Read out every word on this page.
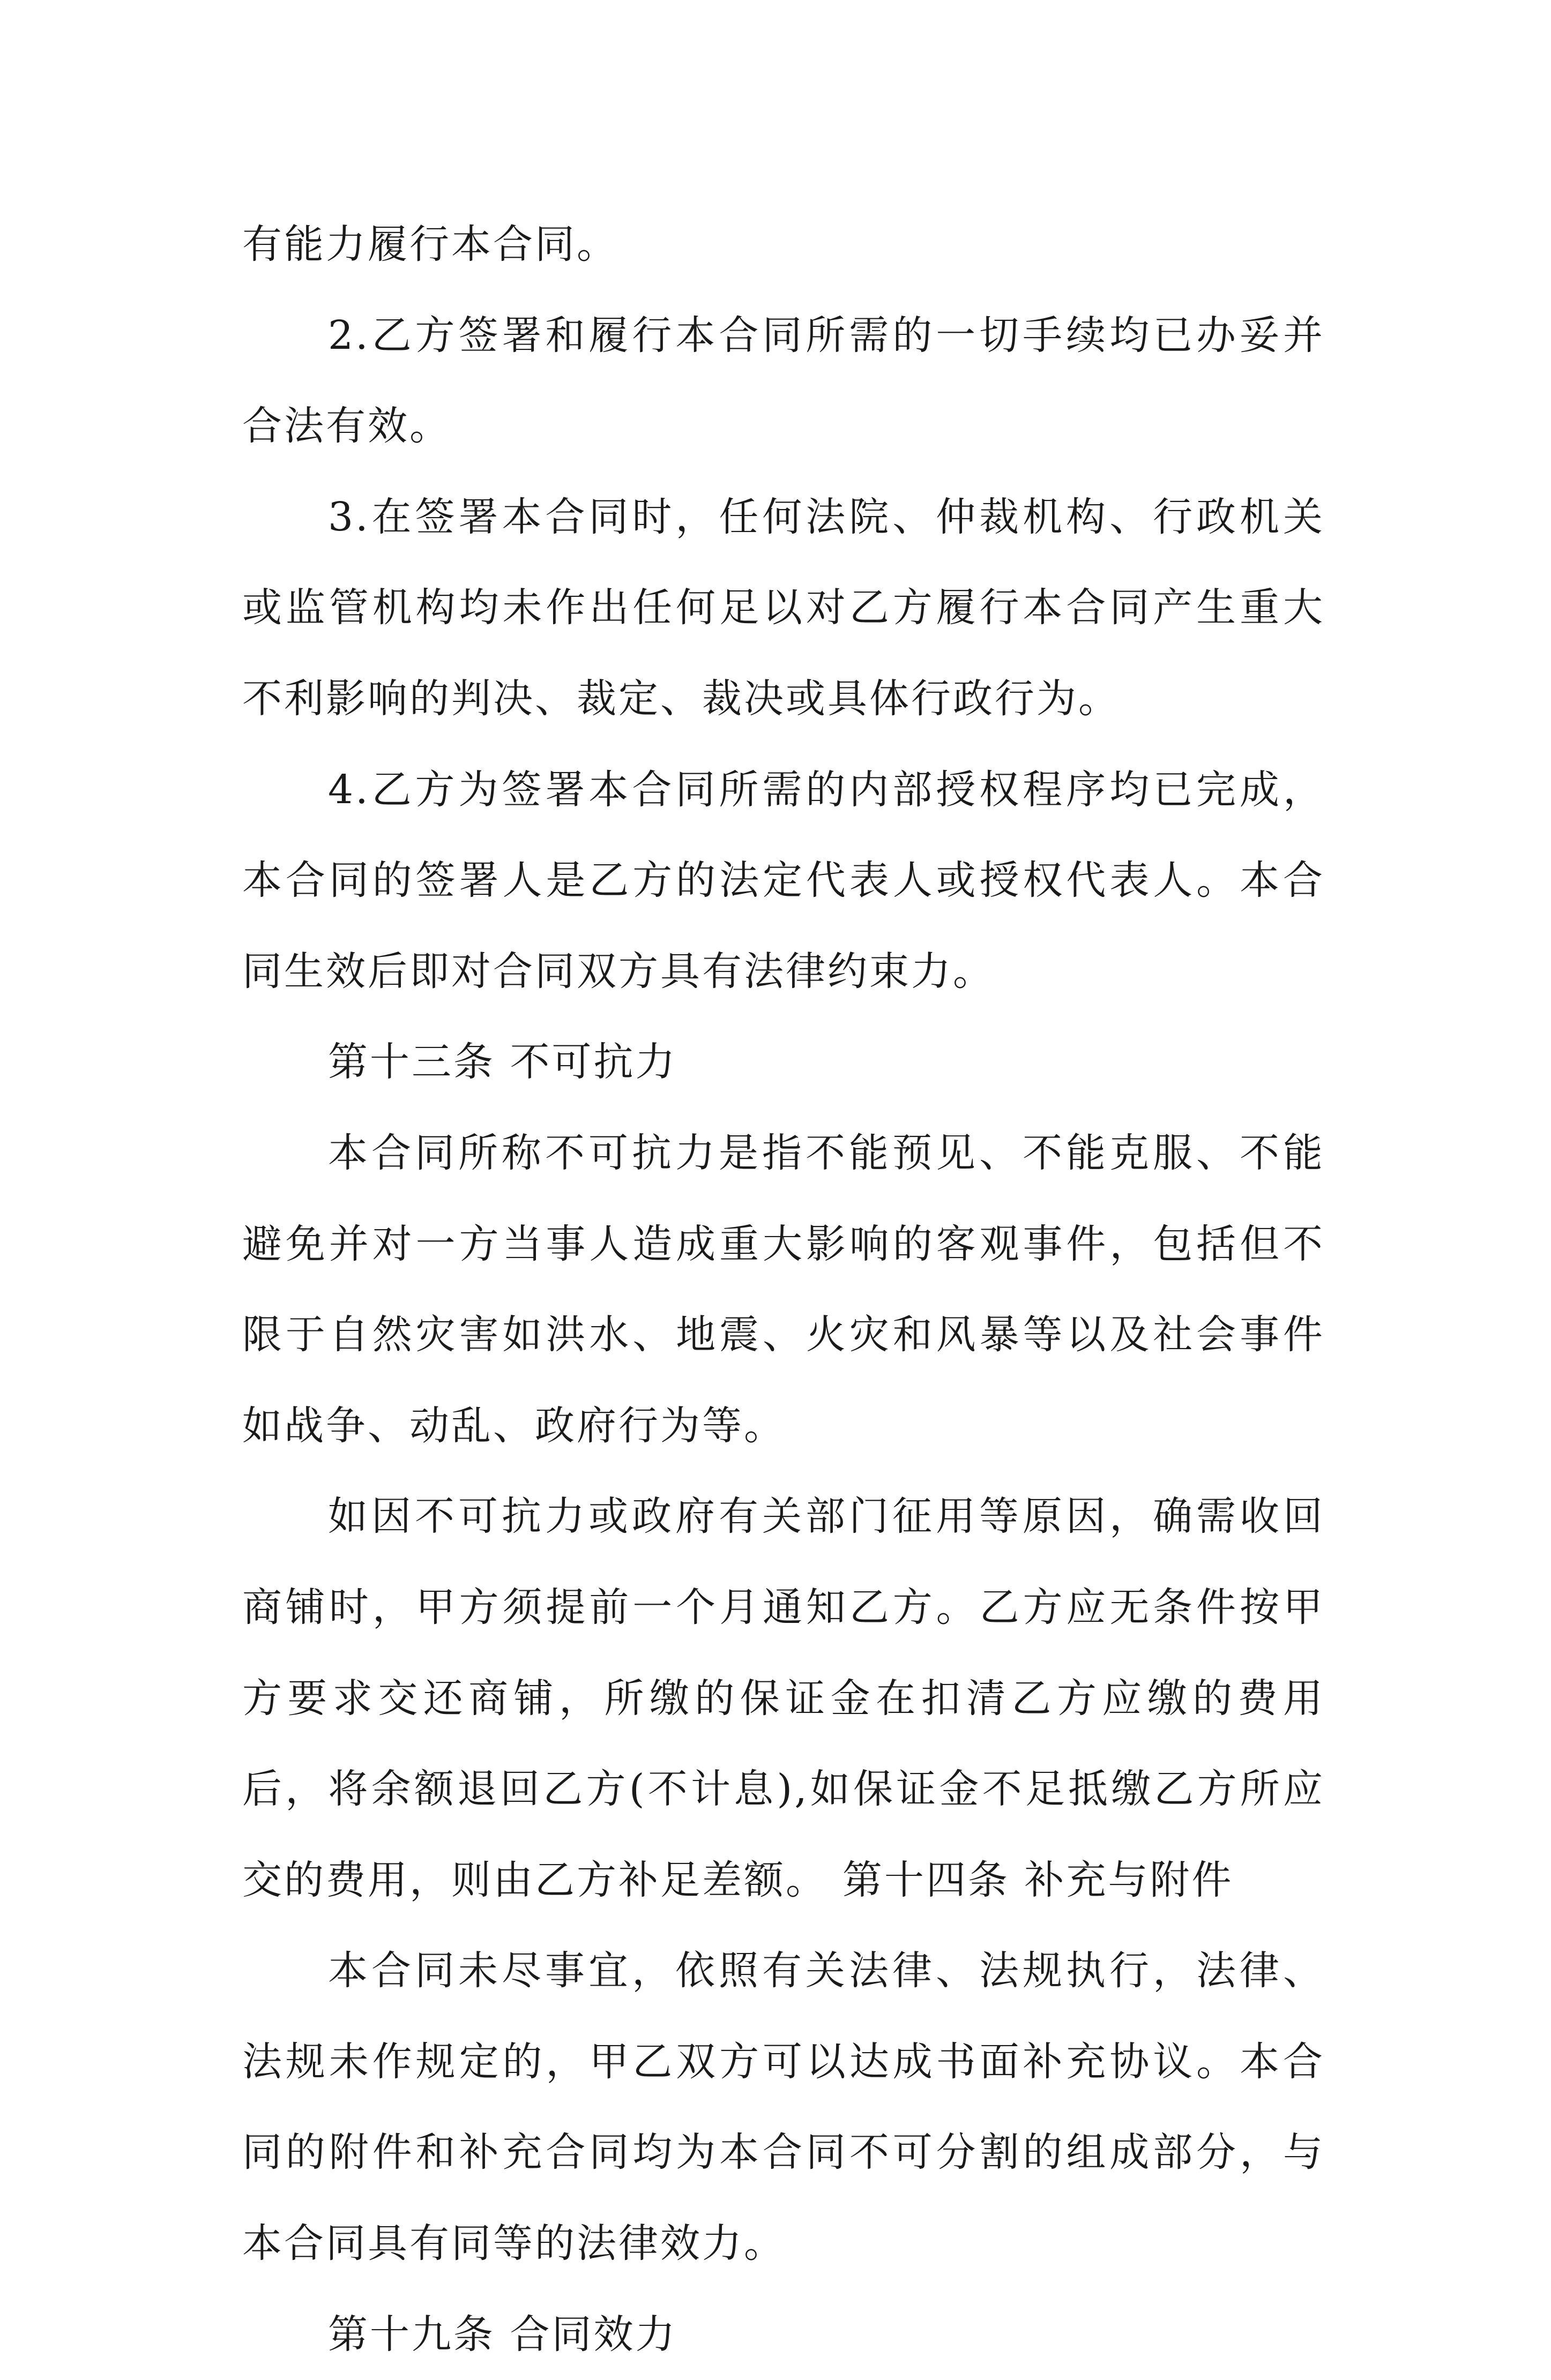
有能力履行本合同。

2.乙方签署和履行本合同所需的一切手续均已办妥并合法有效。

3.在签署本合同时，任何法院、仲裁机构、行政机关或监管机构均未作出任何足以对乙方履行本合同产生重大不利影响的判决、裁定、裁决或具体行政行为。

4.乙方为签署本合同所需的内部授权程序均已完成，本合同的签署人是乙方的法定代表人或授权代表人。本合同生效后即对合同双方具有法律约束力。

第十三条 不可抗力

本合同所称不可抗力是指不能预见、不能克服、不能避免并对一方当事人造成重大影响的客观事件，包括但不限于自然灾害如洪水、地震、火灾和风暴等以及社会事件如战争、动乱、政府行为等。

如因不可抗力或政府有关部门征用等原因，确需收回商铺时，甲方须提前一个月通知乙方。乙方应无条件按甲方要求交还商铺，所缴的保证金在扣清乙方应缴的费用后，将余额退回乙方(不计息),如保证金不足抵缴乙方所应交的费用，则由乙方补足差额。 第十四条 补充与附件

本合同未尽事宜，依照有关法律、法规执行，法律、法规未作规定的，甲乙双方可以达成书面补充协议。本合同的附件和补充合同均为本合同不可分割的组成部分，与本合同具有同等的法律效力。

第十九条 合同效力
